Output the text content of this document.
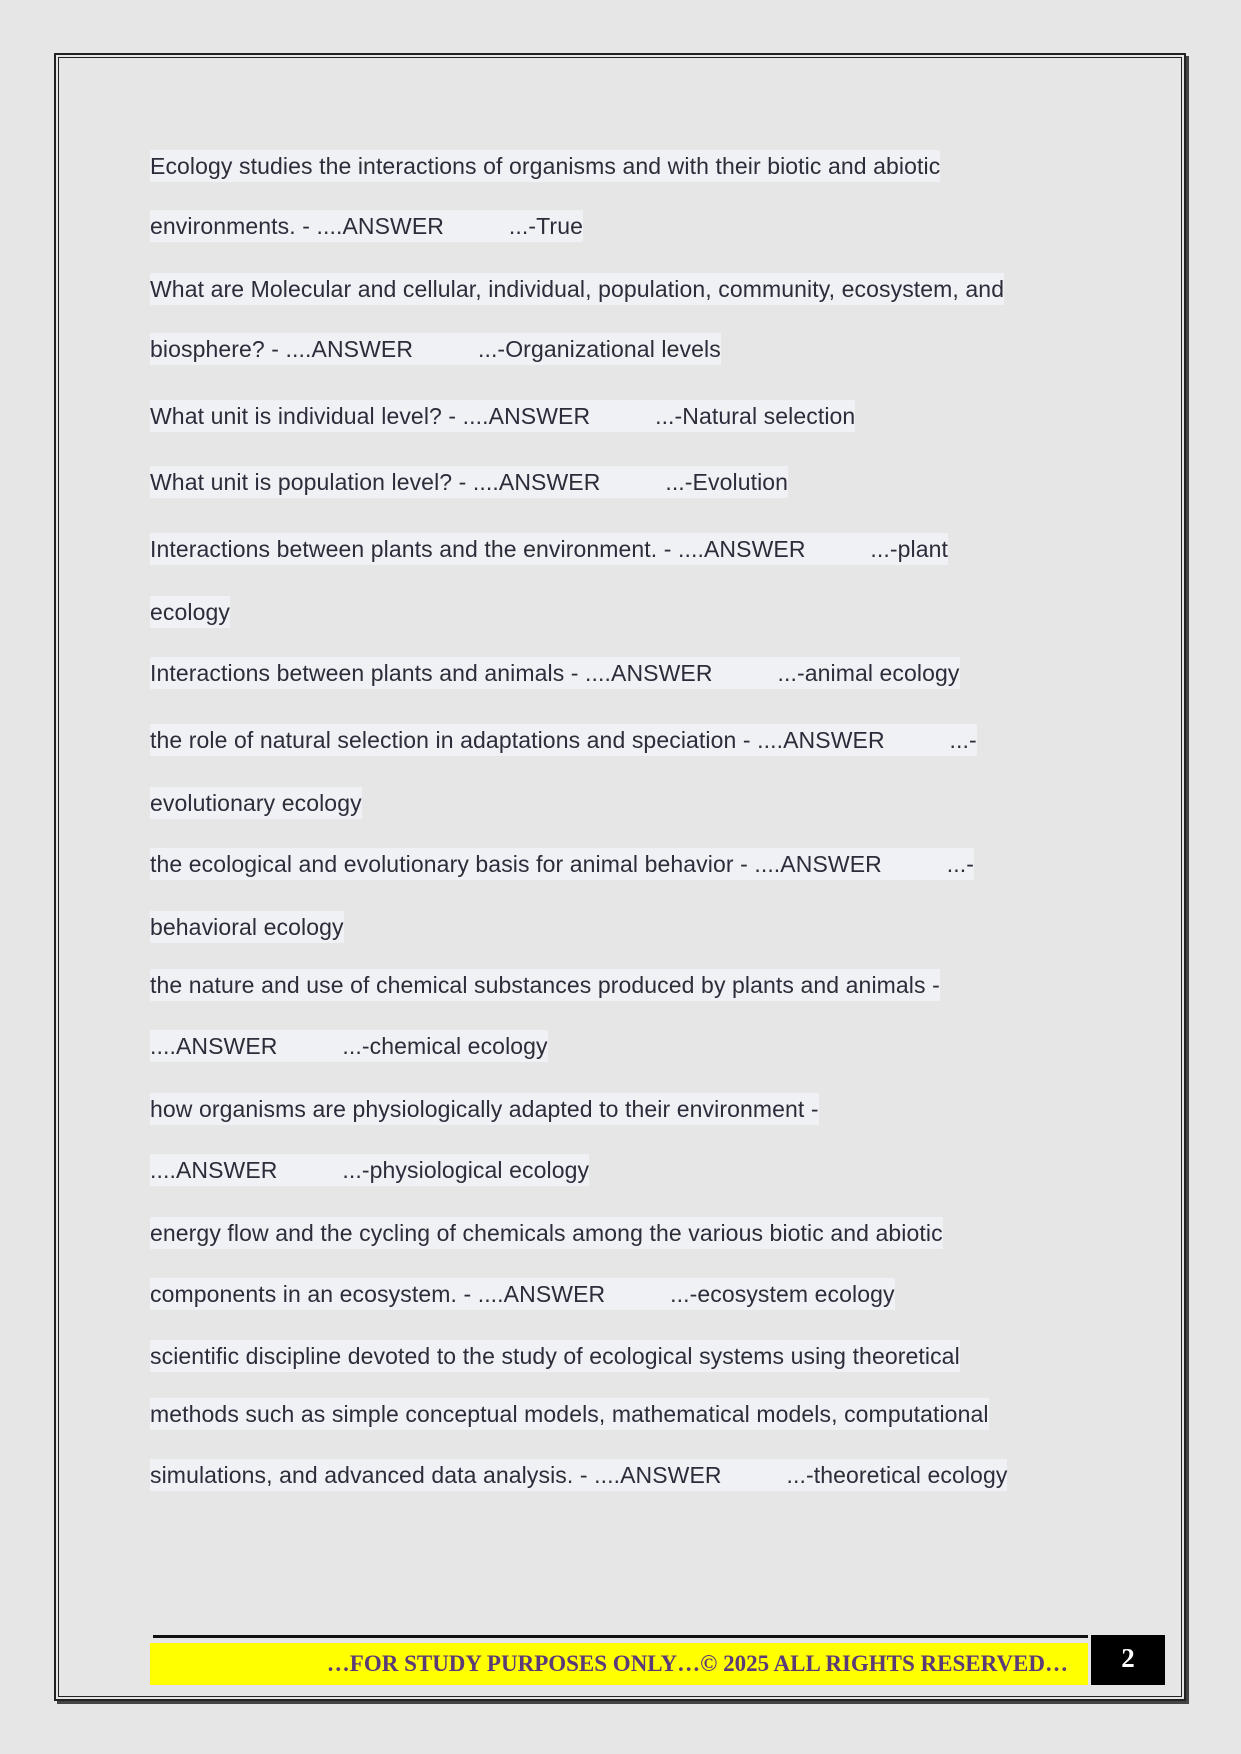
Ecology studies the interactions of organisms and with their biotic and abiotic
environments. - ....ANSWER          ...-True
What are Molecular and cellular, individual, population, community, ecosystem, and
biosphere? - ....ANSWER          ...-Organizational levels
What unit is individual level? - ....ANSWER          ...-Natural selection
What unit is population level? - ....ANSWER          ...-Evolution
Interactions between plants and the environment. - ....ANSWER          ...-plant
ecology
Interactions between plants and animals - ....ANSWER          ...-animal ecology
the role of natural selection in adaptations and speciation - ....ANSWER          ...-
evolutionary ecology
the ecological and evolutionary basis for animal behavior - ....ANSWER          ...-
behavioral ecology
the nature and use of chemical substances produced by plants and animals -
....ANSWER          ...-chemical ecology
how organisms are physiologically adapted to their environment -
....ANSWER          ...-physiological ecology
energy flow and the cycling of chemicals among the various biotic and abiotic
components in an ecosystem. - ....ANSWER          ...-ecosystem ecology
scientific discipline devoted to the study of ecological systems using theoretical
methods such as simple conceptual models, mathematical models, computational
simulations, and advanced data analysis. - ....ANSWER          ...-theoretical ecology
…FOR STUDY PURPOSES ONLY…© 2025 ALL RIGHTS RESERVED…	2
